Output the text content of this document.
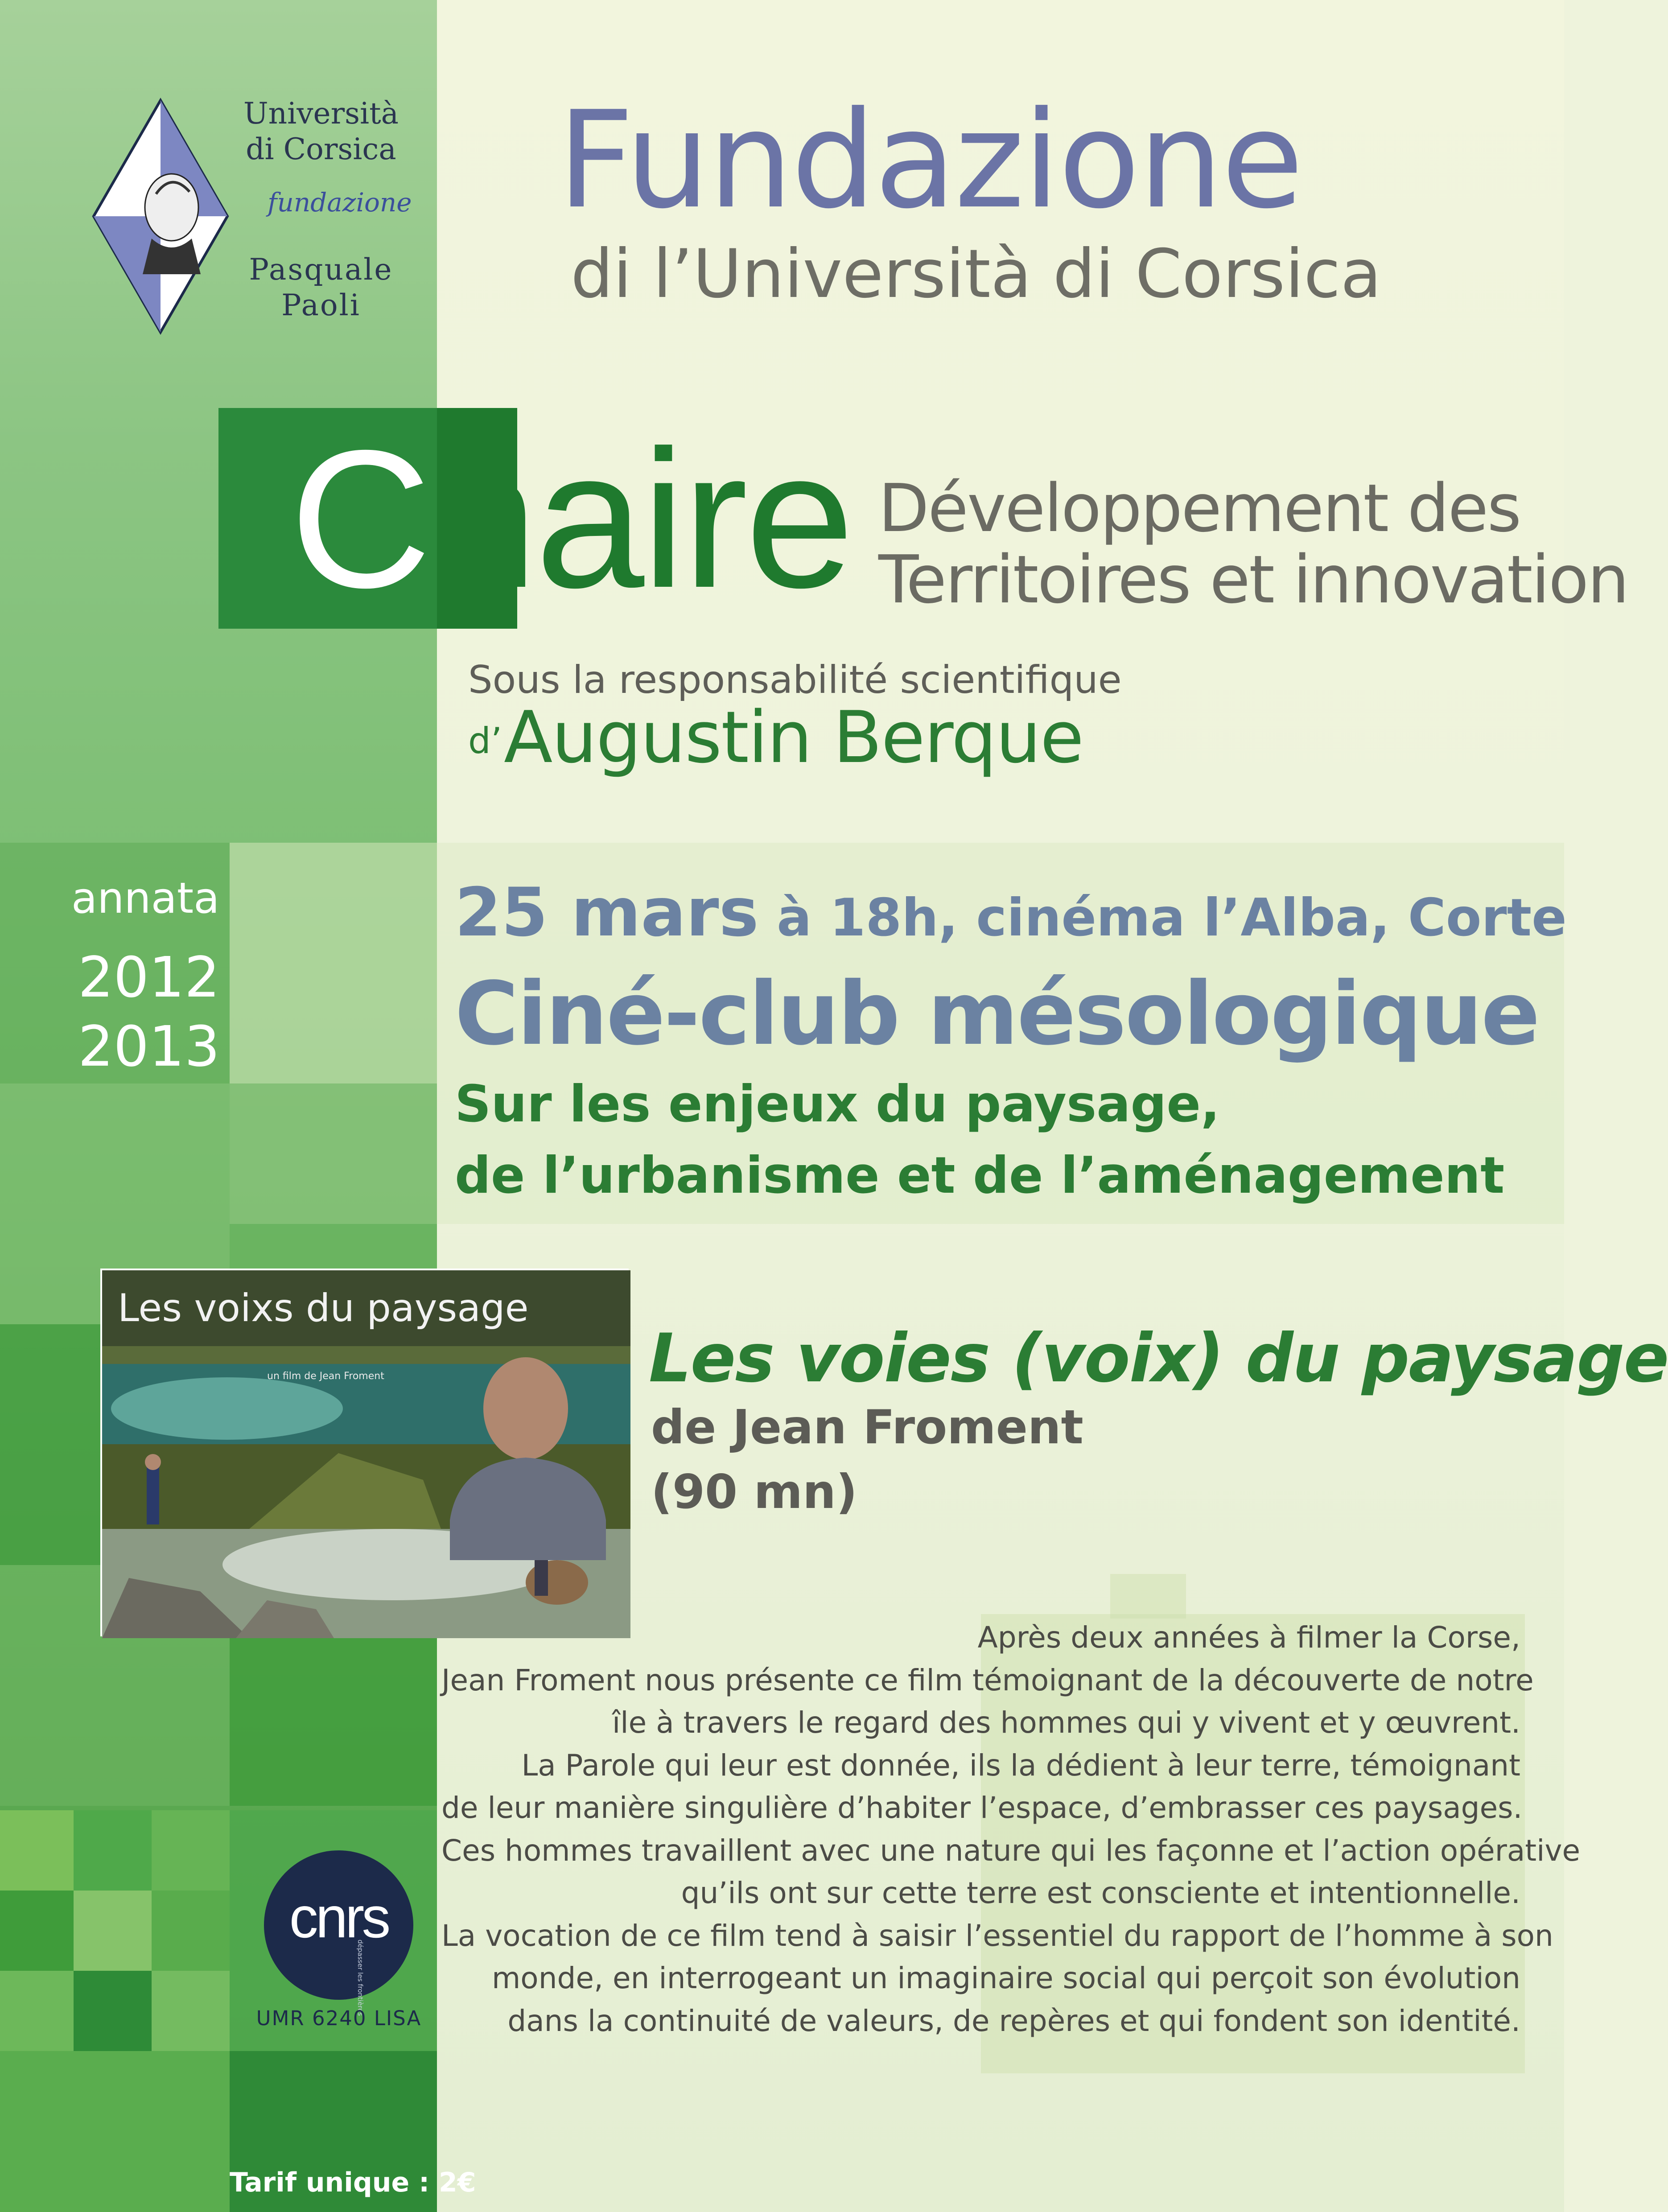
Università
di Corsica
fundazione
Pasquale
Paoli
Fundazione
di l’Università di Corsica
Chaire Développement des
Territoires et innovation
Sous la responsabilité scientifique
d’ Augustin Berque
annata
2012
2013
25 mars à 18h, cinéma l’Alba, Corte
Ciné-club mésologique
Sur les enjeux du paysage,
de l’urbanisme et de l’aménagement
Les voixs du paysage
un film de Jean Froment	Les voies (voix) du paysage
de Jean Froment
(90 mn)
Après deux années à filmer la Corse,
Jean Froment nous présente ce film témoignant de la découverte de notre
île à travers le regard des hommes qui y vivent et y œuvrent.
La Parole qui leur est donnée, ils la dédient à leur terre, témoignant
de leur manière singulière d’habiter l’espace, d’embrasser ces paysages.
Ces hommes travaillent avec une nature qui les façonne et l’action opérative
qu’ils ont sur cette terre est consciente et intentionnelle.
La vocation de ce film tend à saisir l’essentiel du rapport de l’homme à son
monde, en interrogeant un imaginaire social qui perçoit son évolution
dans la continuité de valeurs, de repères et qui fondent son identité.
cnrs
dépasser les frontières
UMR 6240 LISA
Tarif unique : 2€
